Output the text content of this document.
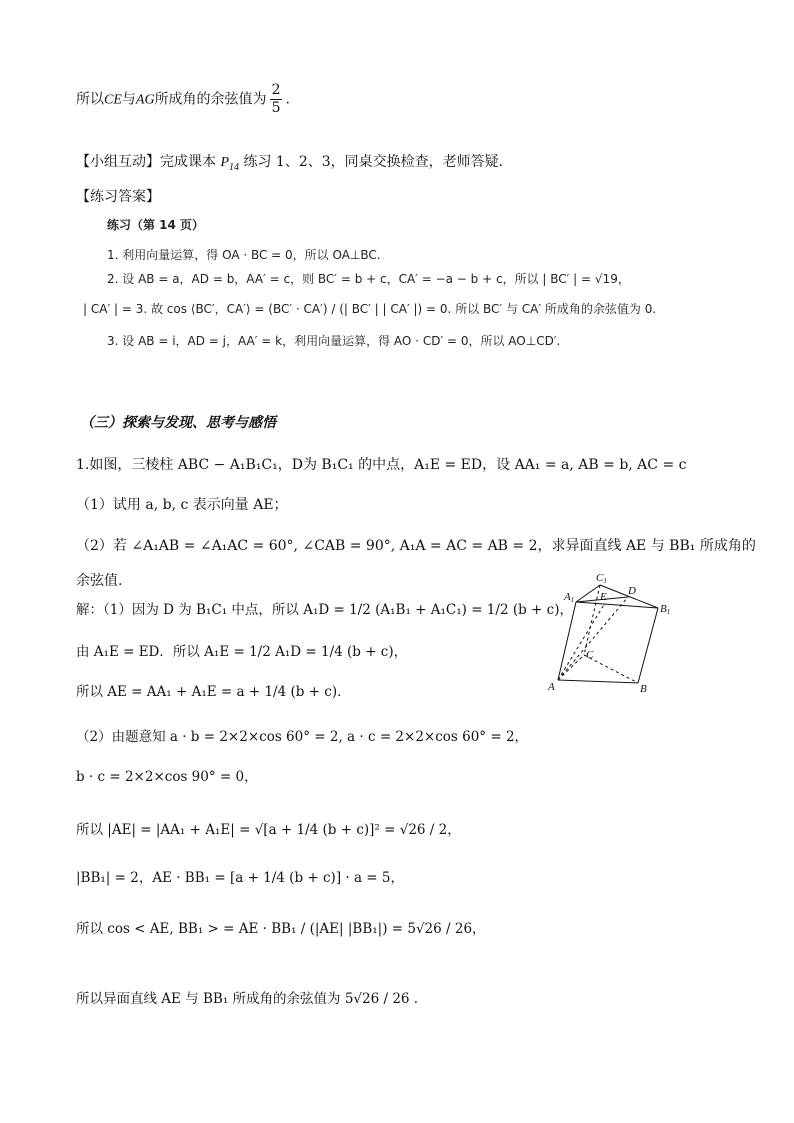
所以CE与AG所成角的余弦值为 $\frac{2}{5}$ .
【小组互动】完成课本 $P_{14}$ 练习 1、2、3，同桌交换检查，老师答疑.
【练习答案】
练习（第 14 页）
1. 利用向量运算，得 OA · BC = 0，所以 OA⊥BC.
2. 设 AB = a，AD = b，AA′ = c，则 BC′ = b + c，CA′ = −a − b + c，所以 | BC′ | = √19，
| CA′ | = 3. 故 cos ⟨BC′，CA′⟩ = (BC′ · CA′) / (| BC′ | | CA′ |) = 0. 所以 BC′ 与 CA′ 所成角的余弦值为 0.
3. 设 AB = i，AD = j，AA′ = k，利用向量运算，得 AO · CD′ = 0，所以 AO⊥CD′.
（三）探索与发现、思考与感悟
1.如图，三棱柱 ABC − A₁B₁C₁，D为 B₁C₁ 的中点，A₁E = ED，设 AA₁ = a, AB = b, AC = c
（1）试用 a, b, c 表示向量 AE；
（2）若 ∠A₁AB = ∠A₁AC = 60°, ∠CAB = 90°, A₁A = AC = AB = 2，求异面直线 AE 与 BB₁ 所成角的
余弦值.
解：（1）因为 D 为 B₁C₁ 中点，所以 A₁D = 1/2 (A₁B₁ + A₁C₁) = 1/2 (b + c)，
由 A₁E = ED．所以 A₁E = 1/2 A₁D = 1/4 (b + c)，
所以 AE = AA₁ + A₁E = a + 1/4 (b + c)．
（2）由题意知 a · b = 2×2×cos 60° = 2, a · c = 2×2×cos 60° = 2，
b · c = 2×2×cos 90° = 0，
所以 |AE| = |AA₁ + A₁E| = √[a + 1/4 (b + c)]² = √26 / 2，
|BB₁| = 2，AE · BB₁ = [a + 1/4 (b + c)] · a = 5，
所以 cos < AE, BB₁ > = AE · BB₁ / (|AE| |BB₁|) = 5√26 / 26，
所以异面直线 AE 与 BB₁ 所成角的余弦值为 5√26 / 26 .
C1
A1 E D
B1
C
A	B
